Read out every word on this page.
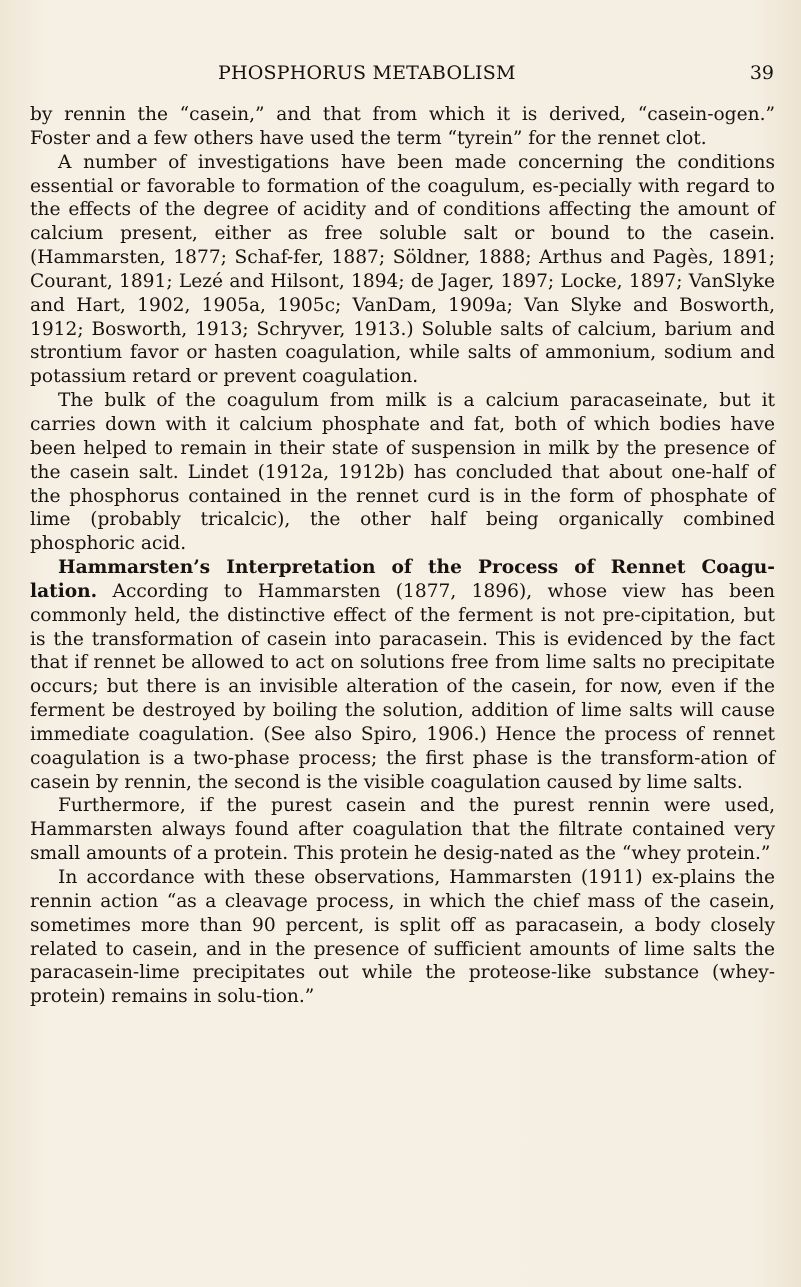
PHOSPHORUS METABOLISM	39

by rennin the “casein,” and that from which it is derived, “casein-ogen.” Foster and a few others have used the term “tyrein” for the rennet clot.

A number of investigations have been made concerning the conditions essential or favorable to formation of the coagulum, es-pecially with regard to the effects of the degree of acidity and of conditions affecting the amount of calcium present, either as free soluble salt or bound to the casein. (Hammarsten, 1877; Schaf-fer, 1887; Söldner, 1888; Arthus and Pagès, 1891; Courant, 1891; Lezé and Hilsont, 1894; de Jager, 1897; Locke, 1897; VanSlyke and Hart, 1902, 1905a, 1905c; VanDam, 1909a; Van Slyke and Bosworth, 1912; Bosworth, 1913; Schryver, 1913.) Soluble salts of calcium, barium and strontium favor or hasten coagulation, while salts of ammonium, sodium and potassium retard or prevent coagulation.

The bulk of the coagulum from milk is a calcium paracaseinate, but it carries down with it calcium phosphate and fat, both of which bodies have been helped to remain in their state of suspension in milk by the presence of the casein salt. Lindet (1912a, 1912b) has concluded that about one-half of the phosphorus contained in the rennet curd is in the form of phosphate of lime (probably tricalcic), the other half being organically combined phosphoric acid.

Hammarsten’s Interpretation of the Process of Rennet Coagu-lation. According to Hammarsten (1877, 1896), whose view has been commonly held, the distinctive effect of the ferment is not pre-cipitation, but is the transformation of casein into paracasein. This is evidenced by the fact that if rennet be allowed to act on solutions free from lime salts no precipitate occurs; but there is an invisible alteration of the casein, for now, even if the ferment be destroyed by boiling the solution, addition of lime salts will cause immediate coagulation. (See also Spiro, 1906.) Hence the process of rennet coagulation is a two-phase process; the first phase is the transform-ation of casein by rennin, the second is the visible coagulation caused by lime salts.

Furthermore, if the purest casein and the purest rennin were used, Hammarsten always found after coagulation that the filtrate contained very small amounts of a protein. This protein he desig-nated as the “whey protein.”

In accordance with these observations, Hammarsten (1911) ex-plains the rennin action “as a cleavage process, in which the chief mass of the casein, sometimes more than 90 percent, is split off as paracasein, a body closely related to casein, and in the presence of sufficient amounts of lime salts the paracasein-lime precipitates out while the proteose-like substance (whey-protein) remains in solu-tion.”
